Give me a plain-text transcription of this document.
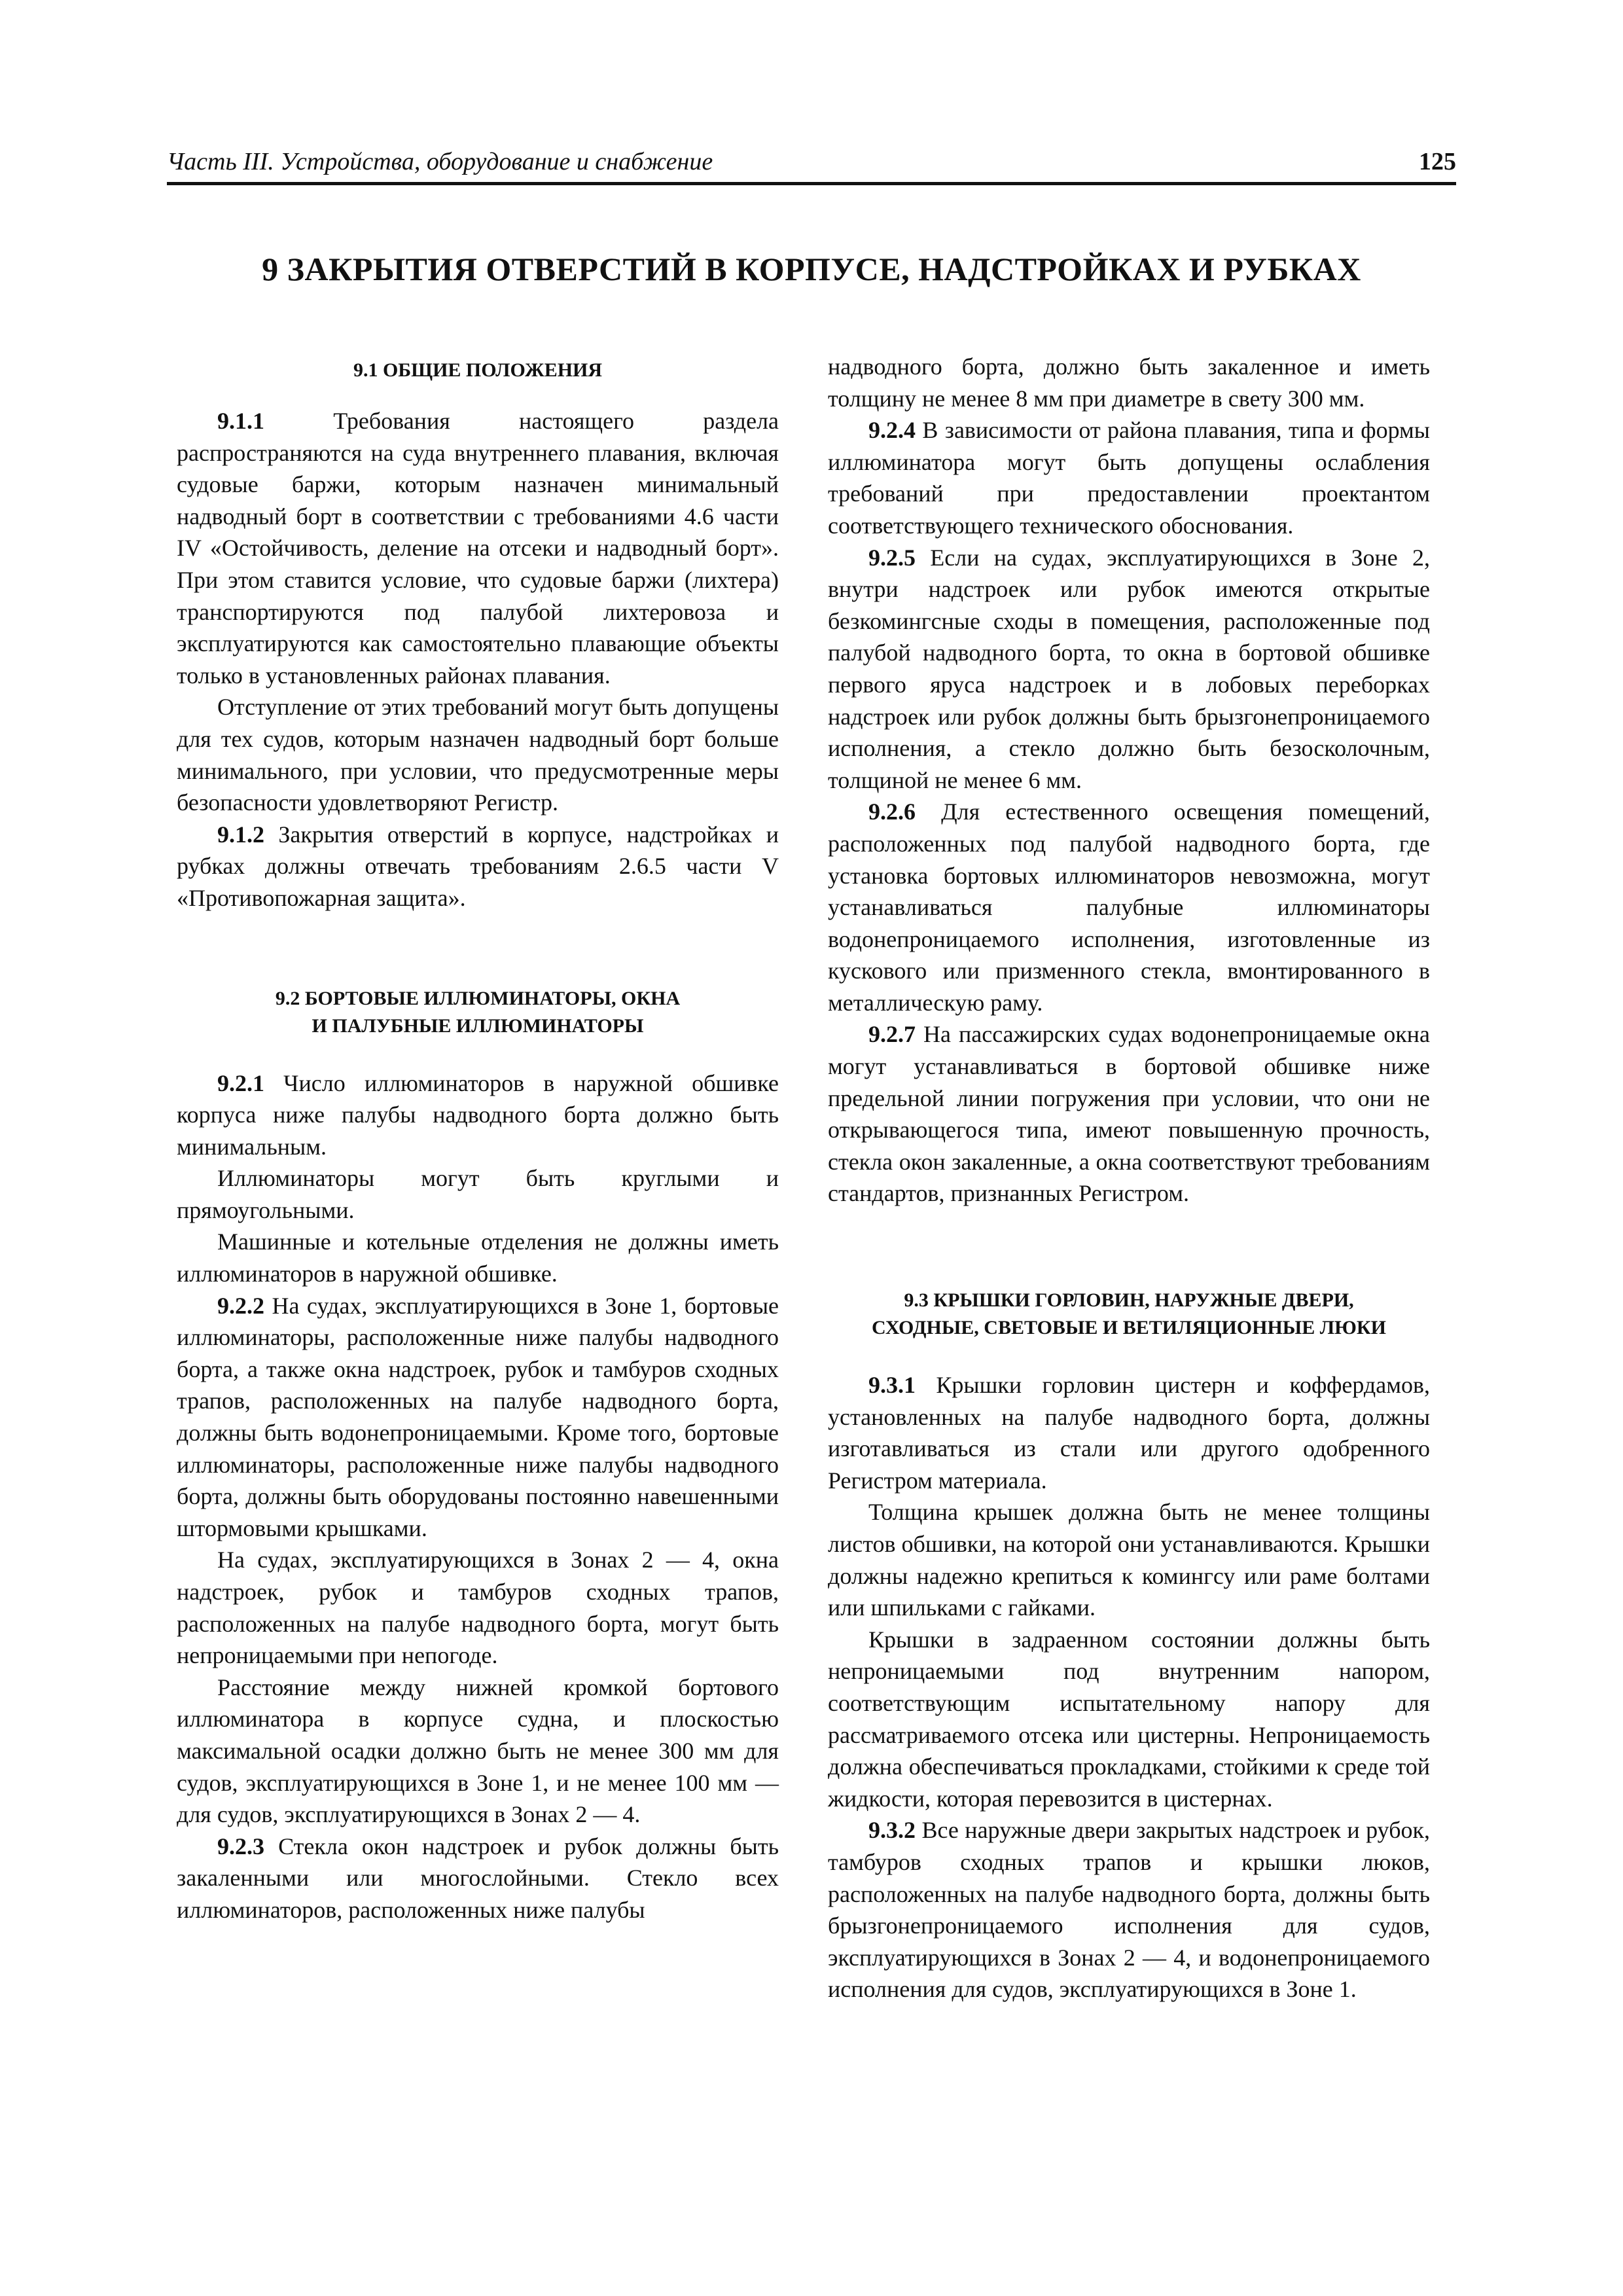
Часть III. Устройства, оборудование и снабжение	125
9 ЗАКРЫТИЯ ОТВЕРСТИЙ В КОРПУСЕ, НАДСТРОЙКАХ И РУБКАХ
9.1 ОБЩИЕ ПОЛОЖЕНИЯ

9.1.1	Требования настоящего раздела распространяются на суда внутреннего плавания, включая судовые баржи, которым назначен минимальный надводный борт в соответствии с требованиями 4.6 части IV «Остойчивость, деление на отсеки и надводный борт». При этом ставится условие, что судовые баржи (лихтера) транспортируются под палубой лихтеровоза и эксплуатируются как самостоятельно плавающие объекты только в установленных районах плавания.

Отступление от этих требований могут быть допущены для тех судов, которым назначен надводный борт больше минимального, при условии, что предусмотренные меры безопасности удовлетворяют Регистр.

9.1.2 Закрытия отверстий в корпусе, надстройках и рубках должны отвечать требованиям 2.6.5 части V «Противопожарная защита».

9.2 БОРТОВЫЕ ИЛЛЮМИНАТОРЫ, ОКНА
И ПАЛУБНЫЕ ИЛЛЮМИНАТОРЫ

9.2.1 Число иллюминаторов в наружной обшивке корпуса ниже палубы надводного борта должно быть минимальным.

Иллюминаторы могут быть круглыми и прямоугольными.

Машинные и котельные отделения не должны иметь иллюминаторов в наружной обшивке.

9.2.2 На судах, эксплуатирующихся в Зоне 1, бортовые иллюминаторы, расположенные ниже палубы надводного борта, а также окна надстроек, рубок и тамбуров сходных трапов, расположенных на палубе надводного борта, должны быть водонепроницаемыми. Кроме того, бортовые иллюминаторы, расположенные ниже палубы надводного борта, должны быть оборудованы постоянно навешенными штормовыми крышками.

На судах, эксплуатирующихся в Зонах 2 — 4, окна надстроек, рубок и тамбуров сходных трапов, расположенных на палубе надводного борта, могут быть непроницаемыми при непогоде.

Расстояние между нижней кромкой бортового иллюминатора в корпусе судна, и плоскостью максимальной осадки должно быть не менее 300 мм для судов, эксплуатирующихся в Зоне 1, и не менее 100 мм — для судов, эксплуатирующихся в Зонах 2 — 4.

9.2.3 Стекла окон надстроек и рубок должны быть закаленными или многослойными. Стекло всех иллюминаторов, расположенных ниже палубы

надводного борта, должно быть закаленное и иметь толщину не менее 8 мм при диаметре в свету 300 мм.

9.2.4 В зависимости от района плавания, типа и формы иллюминатора могут быть допущены ослабления требований при предоставлении проектантом соответствующего технического обоснования.

9.2.5 Если на судах, эксплуатирующихся в Зоне 2, внутри надстроек или рубок имеются открытые безкомингсные сходы в помещения, расположенные под палубой надводного борта, то окна в бортовой обшивке первого яруса надстроек и в лобовых переборках надстроек или рубок должны быть брызгонепроницаемого исполнения, а стекло должно быть безосколочным, толщиной не менее 6 мм.

9.2.6 Для естественного освещения помещений, расположенных под палубой надводного борта, где установка бортовых иллюминаторов невозможна, могут устанавливаться палубные иллюминаторы водонепроницаемого исполнения, изготовленные из кускового или призменного стекла, вмонтированного в металлическую раму.

9.2.7 На пассажирских судах водонепроницаемые окна могут устанавливаться в бортовой обшивке ниже предельной линии погружения при условии, что они не открывающегося типа, имеют повышенную прочность, стекла окон закаленные, а окна соответствуют требованиям стандартов, признанных Регистром.

9.3 КРЫШКИ ГОРЛОВИН, НАРУЖНЫЕ ДВЕРИ,
СХОДНЫЕ, СВЕТОВЫЕ И ВЕТИЛЯЦИОННЫЕ ЛЮКИ

9.3.1 Крышки горловин цистерн и коффердамов, установленных на палубе надводного борта, должны изготавливаться из стали или другого одобренного Регистром материала.

Толщина крышек должна быть не менее толщины листов обшивки, на которой они устанавливаются. Крышки должны надежно крепиться к комингсу или раме болтами или шпильками с гайками.

Крышки в задраенном состоянии должны быть непроницаемыми под внутренним напором, соответствующим испытательному напору для рассматриваемого отсека или цистерны. Непроницаемость должна обеспечиваться прокладками, стойкими к среде той жидкости, которая перевозится в цистернах.

9.3.2 Все наружные двери закрытых надстроек и рубок, тамбуров сходных трапов и крышки люков, расположенных на палубе надводного борта, должны быть брызгонепроницаемого исполнения для судов, эксплуатирующихся в Зонах 2 — 4, и водонепроницаемого исполнения для судов, эксплуатирующихся в Зоне 1.
